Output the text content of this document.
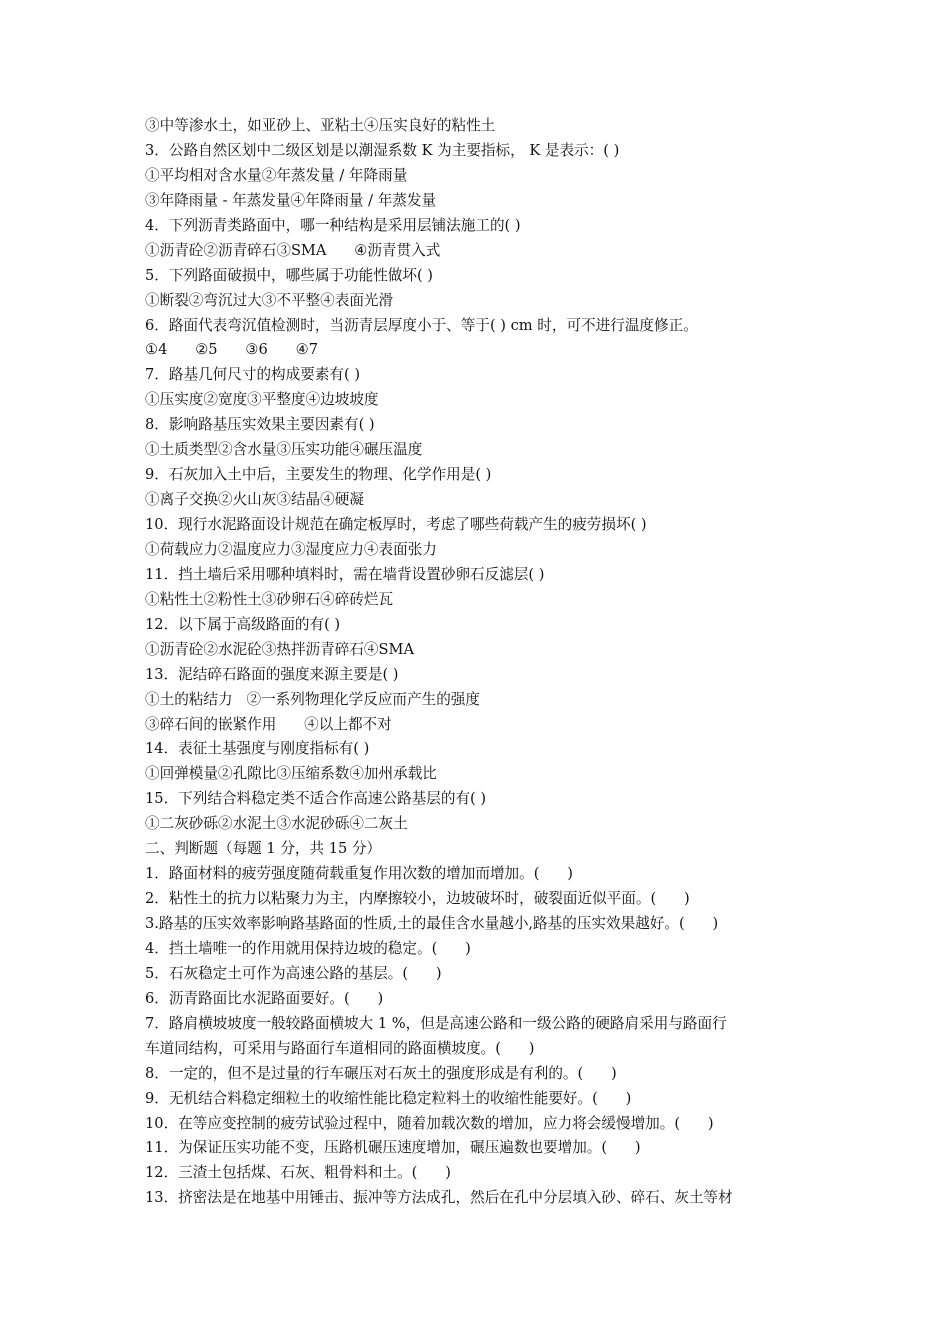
③中等渗水土，如亚砂上、亚粘土④压实良好的粘性土
3．公路自然区划中二级区划是以潮湿系数 K 为主要指标， K 是表示：( )
①平均相对含水量②年蒸发量 / 年降雨量
③年降雨量 - 年蒸发量④年降雨量 / 年蒸发量
4．下列沥青类路面中，哪一种结构是采用层铺法施工的( )
①沥青砼②沥青碎石③SMA      ④沥青贯入式
5．下列路面破损中，哪些属于功能性做坏( )
①断裂②弯沉过大③不平整④表面光滑
6．路面代表弯沉值检测时，当沥青层厚度小于、等于( ) cm 时，可不进行温度修正。
①4      ②5      ③6      ④7
7．路基几何尺寸的构成要素有( )
①压实度②宽度③平整度④边坡坡度
8．影响路基压实效果主要因素有( )
①土质类型②含水量③压实功能④碾压温度
9．石灰加入土中后，主要发生的物理、化学作用是( )
①离子交换②火山灰③结晶④硬凝
10．现行水泥路面设计规范在确定板厚时，考虑了哪些荷载产生的疲劳损坏( )
①荷载应力②温度应力③湿度应力④表面张力
11．挡土墙后采用哪种填料时，需在墙背设置砂卵石反滤层( )
①粘性土②粉性土③砂卵石④碎砖烂瓦
12．以下属于高级路面的有( )
①沥青砼②水泥砼③热拌沥青碎石④SMA
13．泥结碎石路面的强度来源主要是( )
①土的粘结力   ②一系列物理化学反应而产生的强度
③碎石间的嵌紧作用      ④以上都不对
14．表征土基强度与刚度指标有( )
①回弹模量②孔隙比③压缩系数④加州承载比
15．下列结合料稳定类不适合作高速公路基层的有( )
①二灰砂砾②水泥土③水泥砂砾④二灰土
二、判断题（每题 1 分，共 15 分）
1．路面材料的疲劳强度随荷载重复作用次数的增加而增加。(      )
2．粘性土的抗力以粘聚力为主，内摩擦较小，边坡破坏时，破裂面近似平面。(      )
3.路基的压实效率影响路基路面的性质,土的最佳含水量越小,路基的压实效果越好。(      )
4．挡土墙唯一的作用就用保持边坡的稳定。(      )
5．石灰稳定土可作为高速公路的基层。(      )
6．沥青路面比水泥路面要好。(      )
7．路肩横坡坡度一般较路面横坡大 1 %，但是高速公路和一级公路的硬路肩采用与路面行
车道同结构，可采用与路面行车道相同的路面横坡度。(      )
8．一定的，但不是过量的行车碾压对石灰土的强度形成是有利的。(      )
9．无机结合料稳定细粒土的收缩性能比稳定粒料土的收缩性能要好。(      )
10．在等应变控制的疲劳试验过程中，随着加载次数的增加，应力将会缓慢增加。(      )
11．为保证压实功能不变，压路机碾压速度增加，碾压遍数也要增加。(      )
12．三渣土包括煤、石灰、粗骨料和土。(      )
13．挤密法是在地基中用锤击、振冲等方法成孔，然后在孔中分层填入砂、碎石、灰土等材
